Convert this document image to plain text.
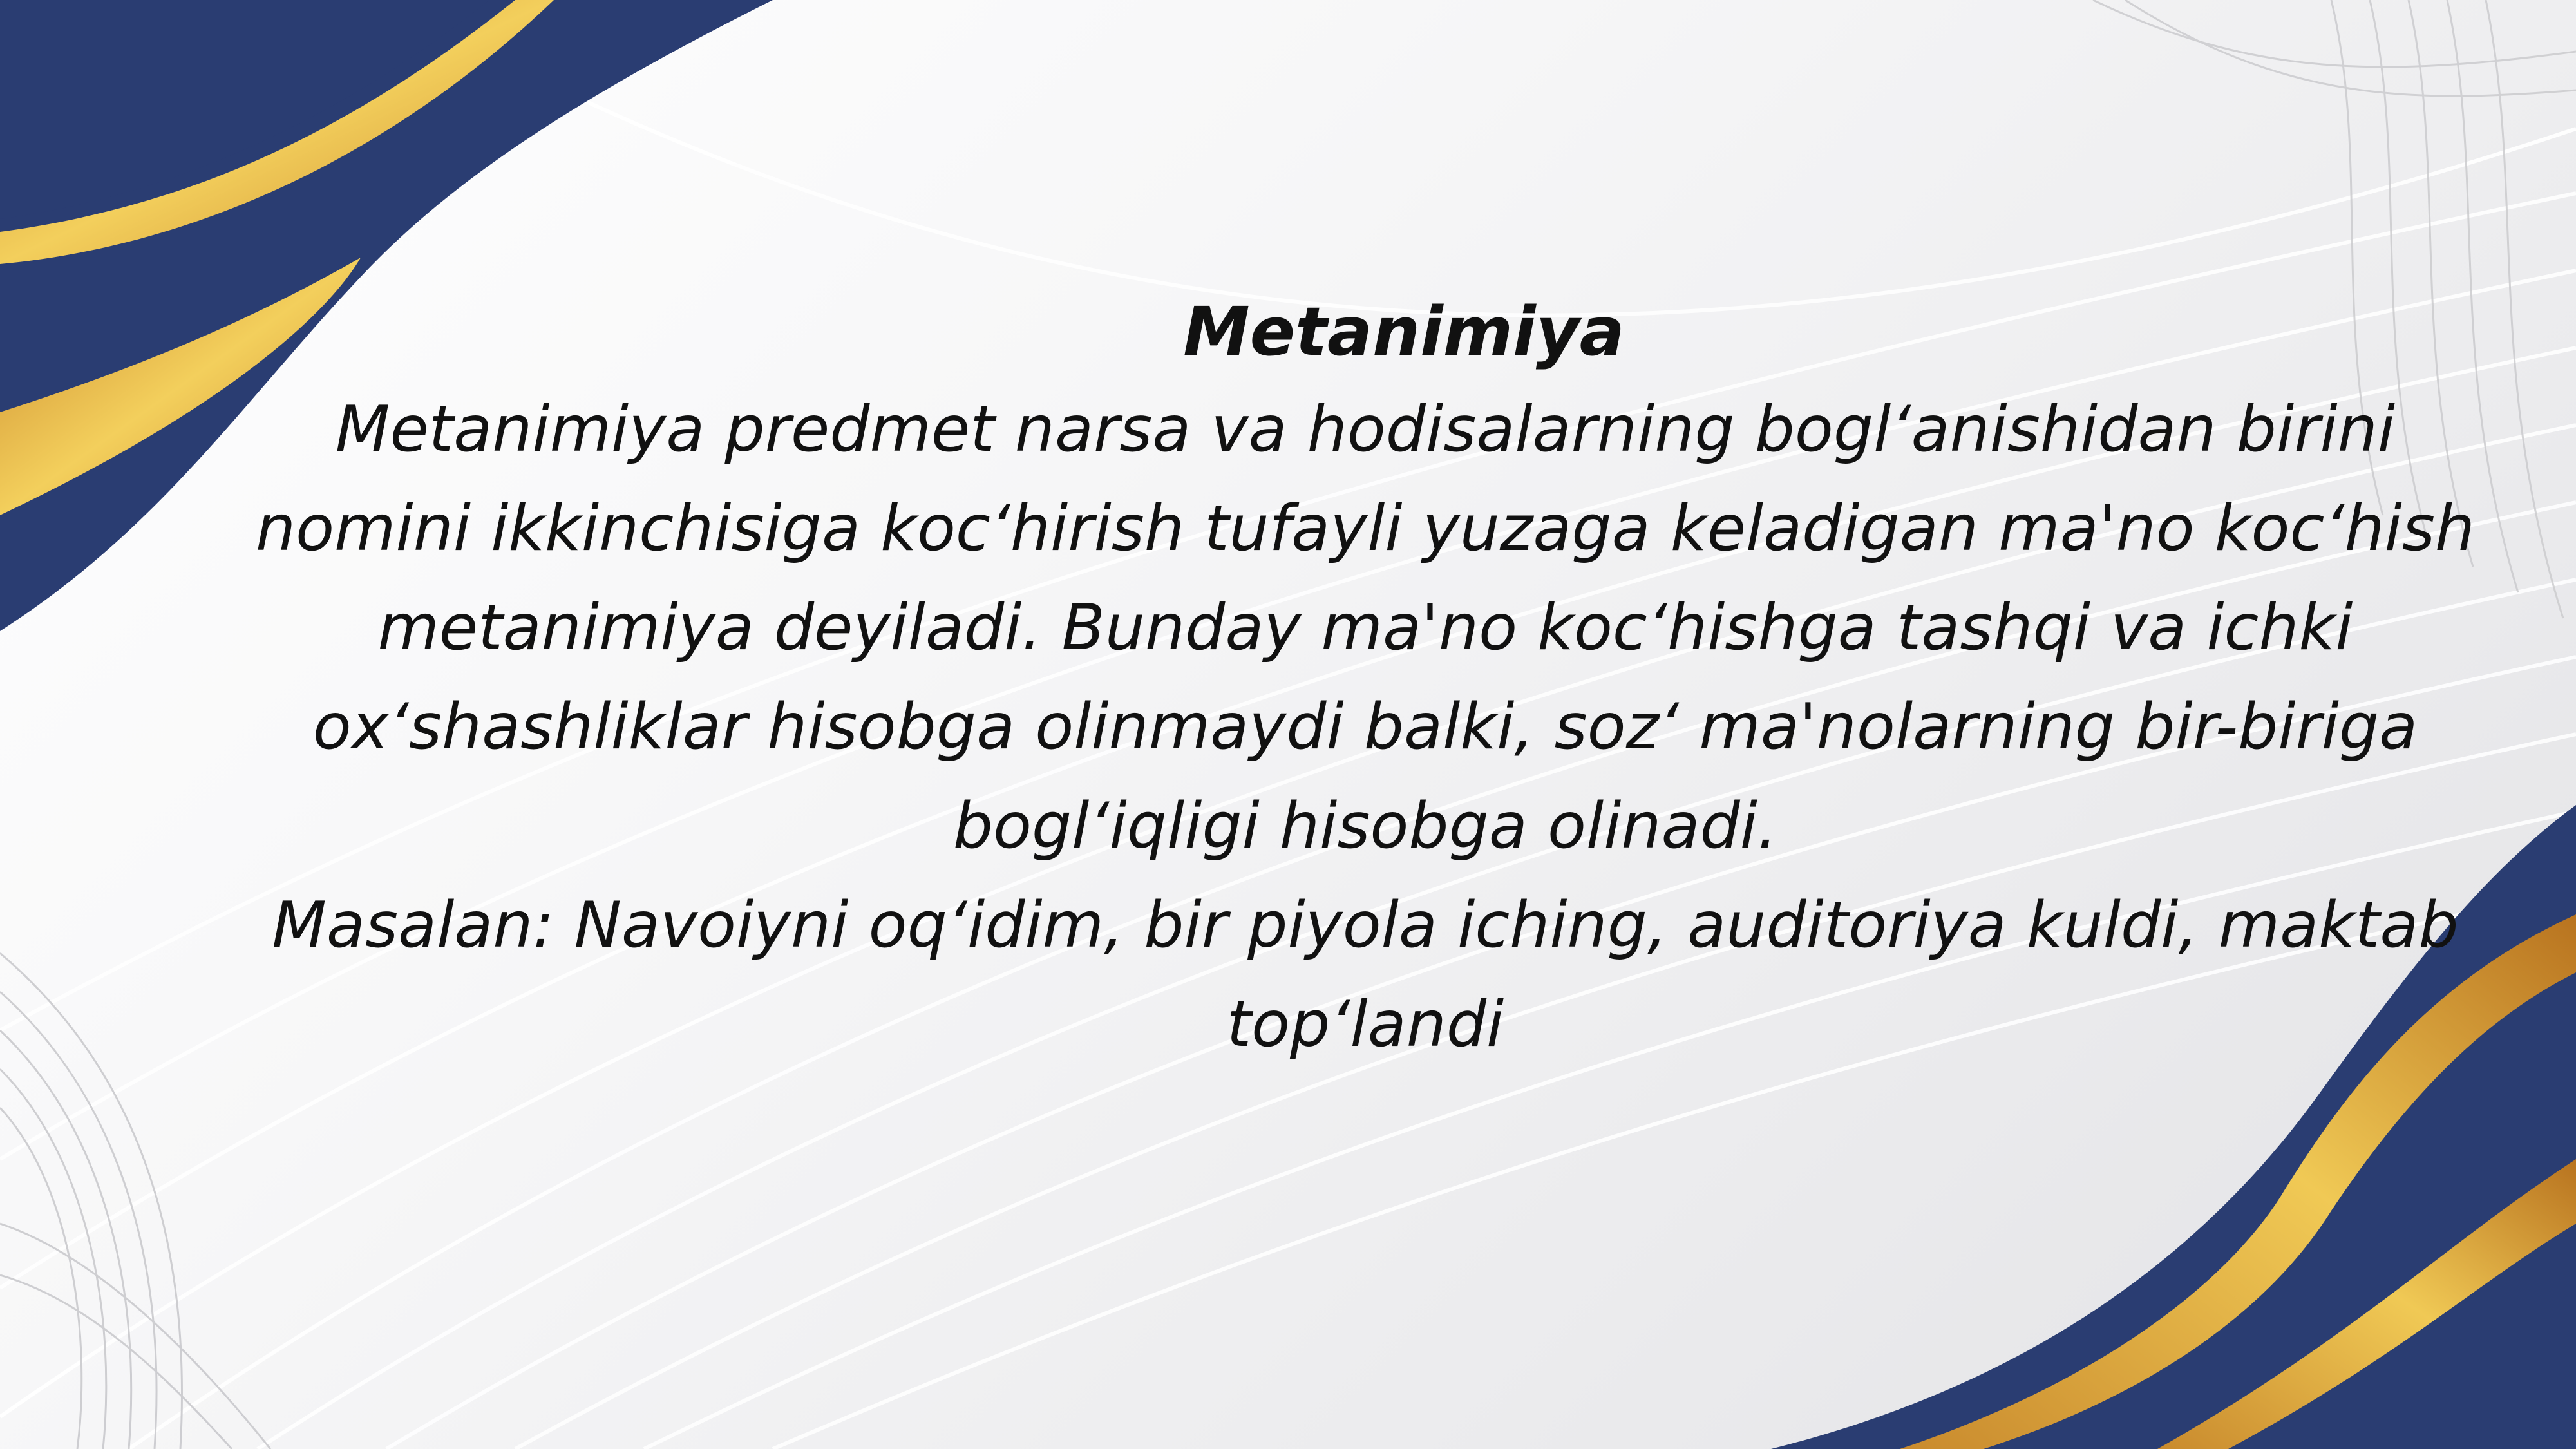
Metanimiya

Metanimiya predmet narsa va hodisalarning bogl‘anishidan birini

nomini ikkinchisiga koc‘hirish tufayli yuzaga keladigan ma'no koc‘hish

metanimiya deyiladi. Bunday ma'no koc‘hishga tashqi va ichki

ox‘shashliklar hisobga olinmaydi balki, soz‘ ma'nolarning bir-biriga

bogl‘iqligi hisobga olinadi.

Masalan: Navoiyni oq‘idim, bir piyola iching, auditoriya kuldi, maktab

top‘landi
